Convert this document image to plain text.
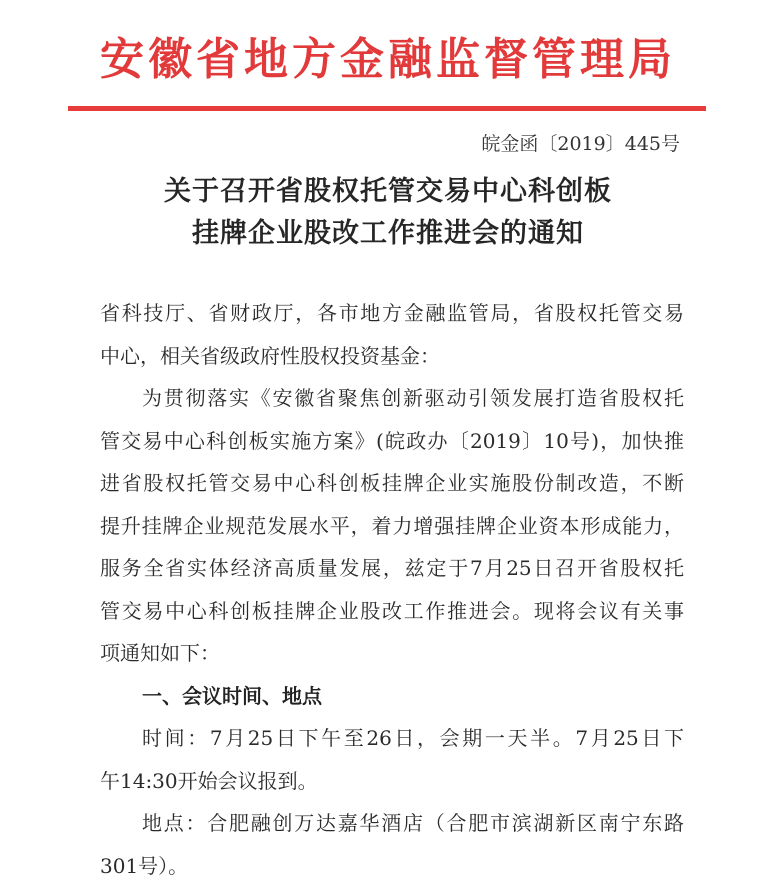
安徽省地方金融监督管理局
皖金函〔2019〕445号
关于召开省股权托管交易中心科创板
挂牌企业股改工作推进会的通知
省科技厅、省财政厅，各市地方金融监管局，省股权托管交易
中心，相关省级政府性股权投资基金：
为贯彻落实《安徽省聚焦创新驱动引领发展打造省股权托
管交易中心科创板实施方案》(皖政办〔2019〕10号)，加快推
进省股权托管交易中心科创板挂牌企业实施股份制改造，不断
提升挂牌企业规范发展水平，着力增强挂牌企业资本形成能力，
服务全省实体经济高质量发展，兹定于7月25日召开省股权托
管交易中心科创板挂牌企业股改工作推进会。现将会议有关事
项通知如下：
一、会议时间、地点
时间：7月25日下午至26日，会期一天半。7月25日下
午14:30开始会议报到。
地点：合肥融创万达嘉华酒店（合肥市滨湖新区南宁东路
301号）。
